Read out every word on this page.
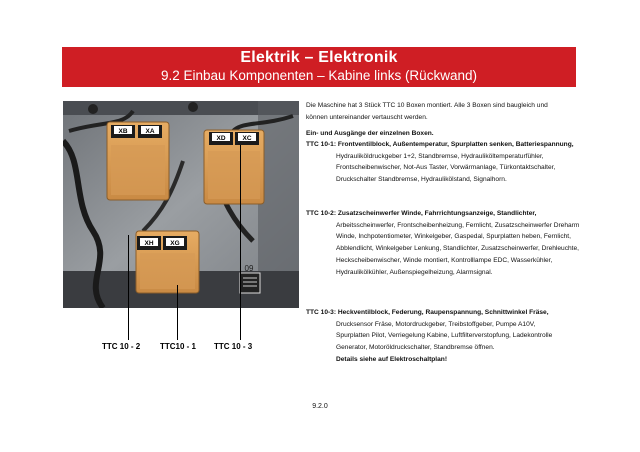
Elektrik – Elektronik
9.2 Einbau Komponenten – Kabine links (Rückwand)
XB	XA
XD	XC
XH	XG
09
TTC 10 - 2 TTC10 - 1 TTC 10 - 3

Die Maschine hat 3 Stück TTC 10 Boxen montiert. Alle 3 Boxen sind baugleich und

können untereinander vertauscht werden.

Ein- und Ausgänge der einzelnen Boxen.

TTC 10-1: Frontventilblock, Außentemperatur, Spurplatten senken, Batteriespannung,

Hydrauliköldruckgeber 1+2, Standbremse, Hydrauliköltemperaturfühler,

Frontscheibenwischer, Not-Aus Taster, Vorwärmanlage, Türkontaktschalter,

Druckschalter Standbremse, Hydraulikölstand, Signalhorn.

TTC 10-2: Zusatzscheinwerfer Winde, Fahrrichtungsanzeige, Standlichter,

Arbeitsscheinwerfer, Frontscheibenheizung, Fernlicht, Zusatzscheinwerfer Dreharm

Winde, Inchpotentiometer, Winkelgeber, Gaspedal, Spurplatten heben, Fernlicht,

Abblendlicht, Winkelgeber Lenkung, Standlichter, Zusatzscheinwerfer, Drehleuchte,

Heckscheibenwischer, Winde montiert, Kontrolllampe EDC, Wasserkühler,

Hydraulikölkühler, Außenspiegelheizung, Alarmsignal.

TTC 10-3: Heckventilblock, Federung, Raupenspannung, Schnittwinkel Fräse,

Drucksensor Fräse, Motordruckgeber, Treibstoffgeber, Pumpe A10V,

Spurplatten Pilot, Verriegelung Kabine, Luftfilterverstopfung, Ladekontrolle

Generator, Motoröldruckschalter, Standbremse öffnen.

Details siehe auf Elektroschaltplan!

9.2.0
